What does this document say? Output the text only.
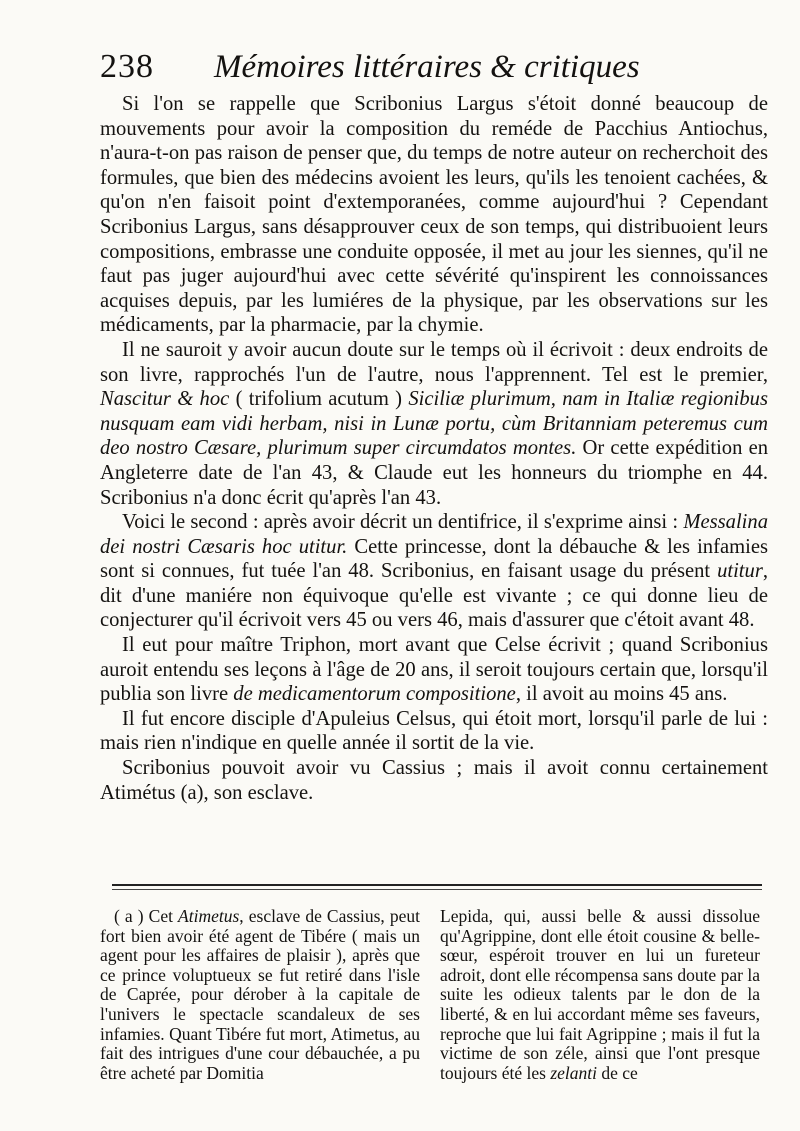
238 Mémoires littéraires & critiques

Si l'on se rappelle que Scribonius Largus s'étoit donné beaucoup de mouvements pour avoir la composition du reméde de Pacchius Antiochus, n'aura-t-on pas raison de penser que, du temps de notre auteur on recherchoit des formules, que bien des médecins avoient les leurs, qu'ils les tenoient cachées, & qu'on n'en faisoit point d'extemporanées, comme aujourd'hui ? Cependant Scribonius Largus, sans désapprouver ceux de son temps, qui distribuoient leurs compositions, embrasse une conduite opposée, il met au jour les siennes, qu'il ne faut pas juger aujourd'hui avec cette sévérité qu'inspirent les connoissances acquises depuis, par les lumiéres de la physique, par les observations sur les médicaments, par la pharmacie, par la chymie.

Il ne sauroit y avoir aucun doute sur le temps où il écrivoit : deux endroits de son livre, rapprochés l'un de l'autre, nous l'apprennent. Tel est le premier, Nascitur & hoc ( trifolium acutum ) Siciliæ plurimum, nam in Italiæ regionibus nusquam eam vidi herbam, nisi in Lunæ portu, cùm Britanniam peteremus cum deo nostro Cæsare, plurimum super circumdatos montes. Or cette expédition en Angleterre date de l'an 43, & Claude eut les honneurs du triomphe en 44. Scribonius n'a donc écrit qu'après l'an 43.

Voici le second : après avoir décrit un dentifrice, il s'exprime ainsi : Messalina dei nostri Cæsaris hoc utitur. Cette princesse, dont la débauche & les infamies sont si connues, fut tuée l'an 48. Scribonius, en faisant usage du présent utitur, dit d'une maniére non équivoque qu'elle est vivante ; ce qui donne lieu de conjecturer qu'il écrivoit vers 45 ou vers 46, mais d'assurer que c'étoit avant 48.

Il eut pour maître Triphon, mort avant que Celse écrivit ; quand Scribonius auroit entendu ses leçons à l'âge de 20 ans, il seroit toujours certain que, lorsqu'il publia son livre de medicamentorum compositione, il avoit au moins 45 ans.

Il fut encore disciple d'Apuleius Celsus, qui étoit mort, lorsqu'il parle de lui : mais rien n'indique en quelle année il sortit de la vie.

Scribonius pouvoit avoir vu Cassius ; mais il avoit connu certainement Atimétus (a), son esclave.

( a ) Cet Atimetus, esclave de Cassius, peut fort bien avoir été agent de Tibére ( mais un agent pour les affaires de plaisir ), après que ce prince voluptueux se fut retiré dans l'isle de Caprée, pour dérober à la capitale de l'univers le spectacle scandaleux de ses infamies. Quant Tibére fut mort, Atimetus, au fait des intrigues d'une cour débauchée, a pu être acheté par Domitia

Lepida, qui, aussi belle & aussi dissolue qu'Agrippine, dont elle étoit cousine & belle-sœur, espéroit trouver en lui un fureteur adroit, dont elle récompensa sans doute par la suite les odieux talents par le don de la liberté, & en lui accordant même ses faveurs, reproche que lui fait Agrippine ; mais il fut la victime de son zéle, ainsi que l'ont presque toujours été les zelanti de ce
